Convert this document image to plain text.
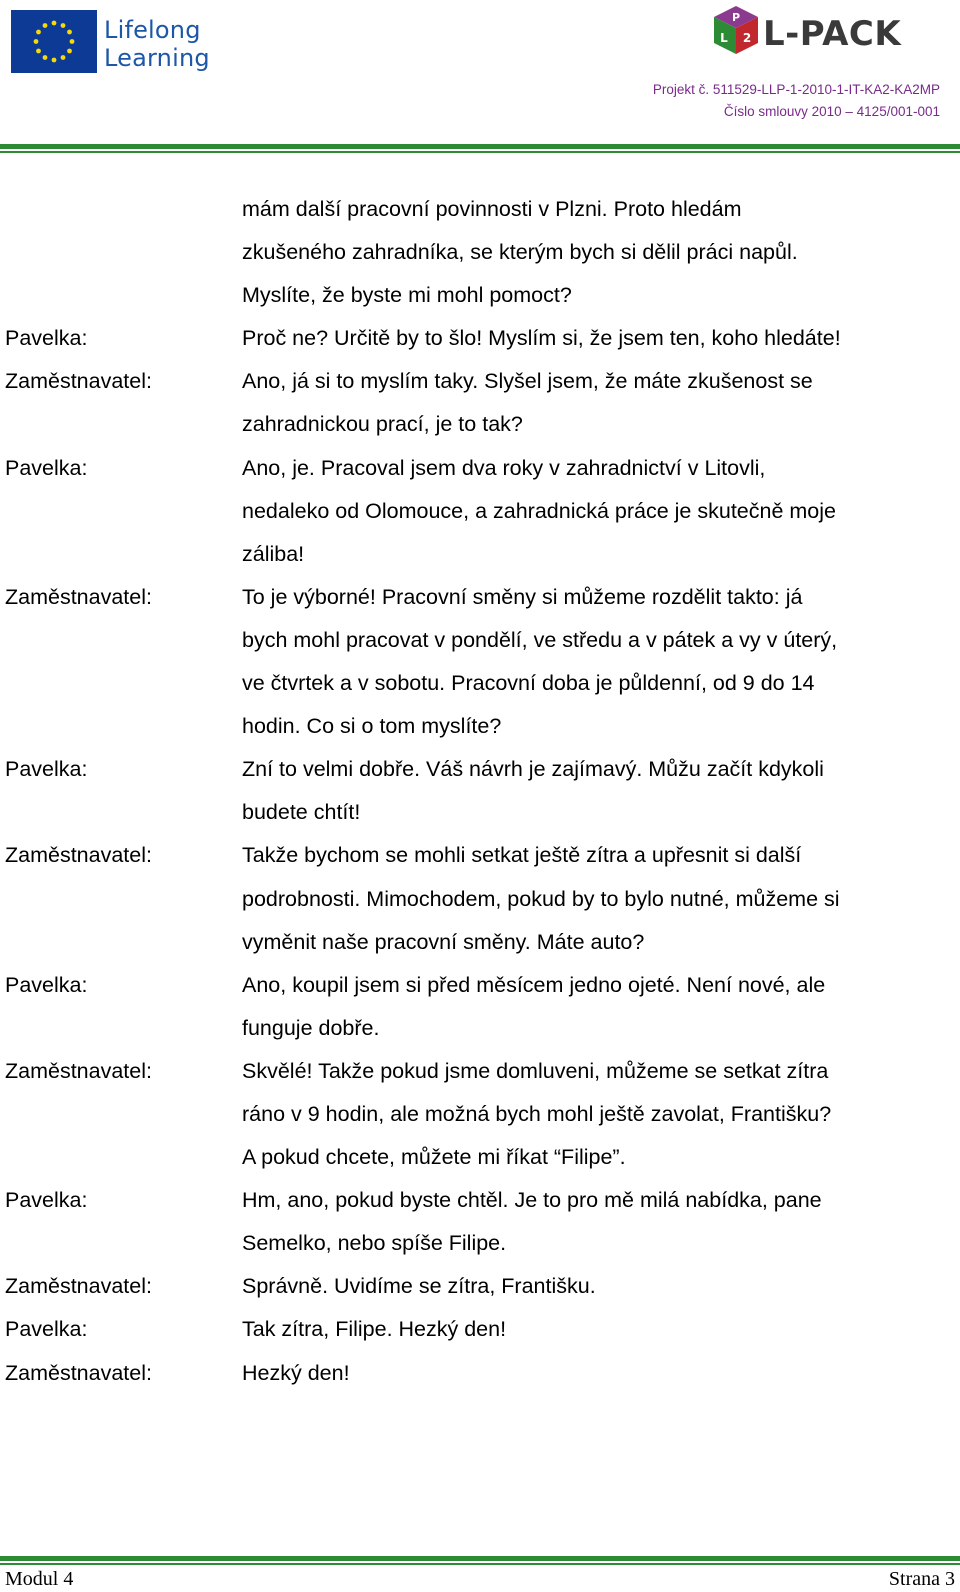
Lifelong
Learning
P
L 2 L-PACK
Projekt č. 511529-LLP-1-2010-1-IT-KA2-KA2MP
Číslo smlouvy 2010 – 4125/001-001
mám další pracovní povinnosti v Plzni. Proto hledám
zkušeného zahradníka, se kterým bych si dělil práci napůl.
Myslíte, že byste mi mohl pomoct?
Pavelka:	Proč ne? Určitě by to šlo! Myslím si, že jsem ten, koho hledáte!
Zaměstnavatel:	Ano, já si to myslím taky. Slyšel jsem, že máte zkušenost se
zahradnickou prací, je to tak?
Pavelka:	Ano, je. Pracoval jsem dva roky v zahradnictví v Litovli,
nedaleko od Olomouce, a zahradnická práce je skutečně moje
záliba!
Zaměstnavatel:	To je výborné! Pracovní směny si můžeme rozdělit takto: já
bych mohl pracovat v pondělí, ve středu a v pátek a vy v úterý,
ve čtvrtek a v sobotu. Pracovní doba je půldenní, od 9 do 14
hodin. Co si o tom myslíte?
Pavelka:	Zní to velmi dobře. Váš návrh je zajímavý. Můžu začít kdykoli
budete chtít!
Zaměstnavatel:	Takže bychom se mohli setkat ještě zítra a upřesnit si další
podrobnosti. Mimochodem, pokud by to bylo nutné, můžeme si
vyměnit naše pracovní směny. Máte auto?
Pavelka:	Ano, koupil jsem si před měsícem jedno ojeté. Není nové, ale
funguje dobře.
Zaměstnavatel:	Skvělé! Takže pokud jsme domluveni, můžeme se setkat zítra
ráno v 9 hodin, ale možná bych mohl ještě zavolat, Františku?
A pokud chcete, můžete mi říkat “Filipe”.
Pavelka:	Hm, ano, pokud byste chtěl. Je to pro mě milá nabídka, pane
Semelko, nebo spíše Filipe.
Zaměstnavatel:	Správně. Uvidíme se zítra, Františku.
Pavelka:	Tak zítra, Filipe. Hezký den!
Zaměstnavatel:	Hezký den!
Modul 4	Strana 3
